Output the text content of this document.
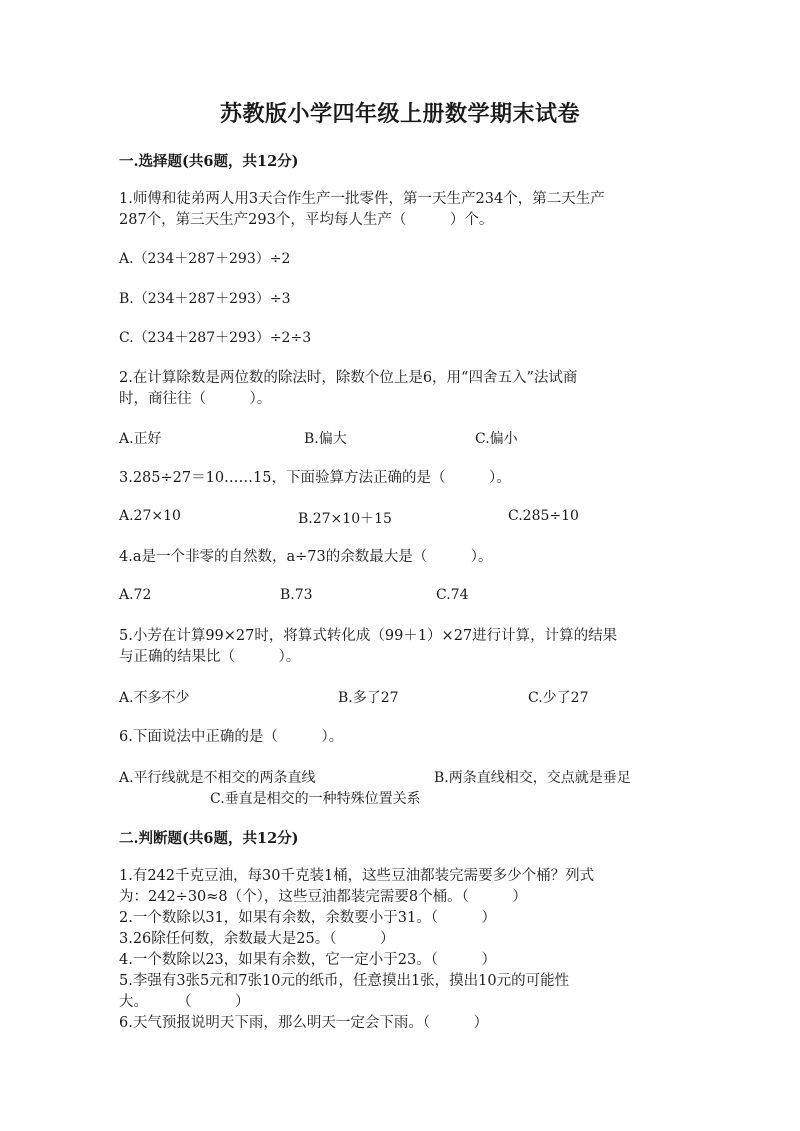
苏教版小学四年级上册数学期末试卷
一.选择题(共6题，共12分)
1.师傅和徒弟两人用3天合作生产一批零件，第一天生产234个，第二天生产
287个，第三天生产293个，平均每人生产（　　　）个。
A.（234＋287＋293）÷2
B.（234＋287＋293）÷3
C.（234＋287＋293）÷2÷3
2.在计算除数是两位数的除法时，除数个位上是6，用“四舍五入”法试商
时，商往往（　　　）。
A.正好	B.偏大	C.偏小
3.285÷27＝10……15，下面验算方法正确的是（　　　）。
A.27×10	B.27×10＋15	C.285÷10
4.a是一个非零的自然数，a÷73的余数最大是（　　　）。
A.72	B.73	C.74
5.小芳在计算99×27时，将算式转化成（99＋1）×27进行计算，计算的结果
与正确的结果比（　　　）。
A.不多不少	B.多了27	C.少了27
6.下面说法中正确的是（　　　）。
A.平行线就是不相交的两条直线	B.两条直线相交，交点就是垂足
C.垂直是相交的一种特殊位置关系
二.判断题(共6题，共12分)
1.有242千克豆油，每30千克装1桶，这些豆油都装完需要多少个桶？列式
为：242÷30≈8（个），这些豆油都装完需要8个桶。（　　　）
2.一个数除以31，如果有余数，余数要小于31。（　　　）
3.26除任何数，余数最大是25。（　　　）
4.一个数除以23，如果有余数，它一定小于23。（　　　）
5.李强有3张5元和7张10元的纸币，任意摸出1张，摸出10元的可能性
大。　　　（　　　）
6.天气预报说明天下雨，那么明天一定会下雨。（　　　）
